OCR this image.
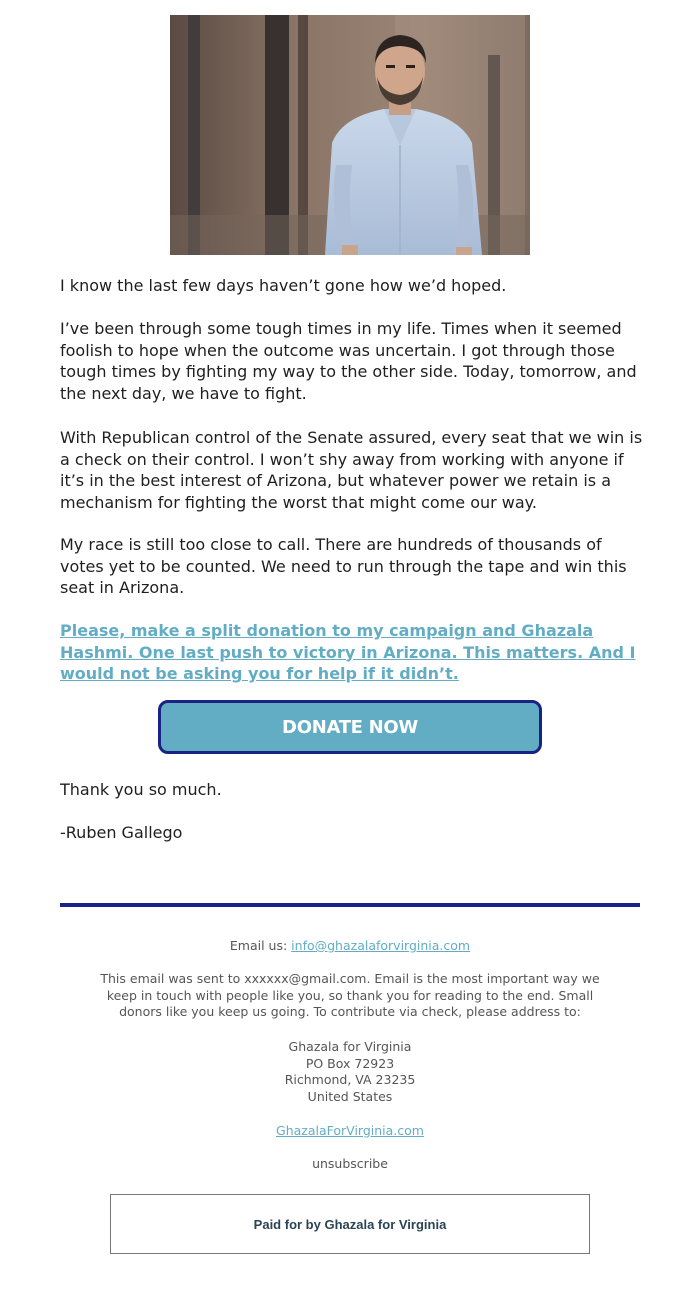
I know the last few days haven’t gone how we’d hoped.

I’ve been through some tough times in my life. Times when it seemed foolish to hope when the outcome was uncertain. I got through those tough times by fighting my way to the other side. Today, tomorrow, and the next day, we have to fight.

With Republican control of the Senate assured, every seat that we win is a check on their control. I won’t shy away from working with anyone if it’s in the best interest of Arizona, but whatever power we retain is a mechanism for fighting the worst that might come our way.

My race is still too close to call. There are hundreds of thousands of votes yet to be counted. We need to run through the tape and win this seat in Arizona.

Please, make a split donation to my campaign and Ghazala Hashmi. One last push to victory in Arizona. This matters. And I would not be asking you for help if it didn’t.
DONATE NOW

Thank you so much.

-Ruben Gallego

Email us: info@ghazalaforvirginia.com

This email was sent to xxxxxx@gmail.com. Email is the most important way we keep in touch with people like you, so thank you for reading to the end. Small donors like you keep us going. To contribute via check, please address to:

Ghazala for Virginia
PO Box 72923
Richmond, VA 23235
United States

GhazalaForVirginia.com

unsubscribe

Paid for by Ghazala for Virginia
